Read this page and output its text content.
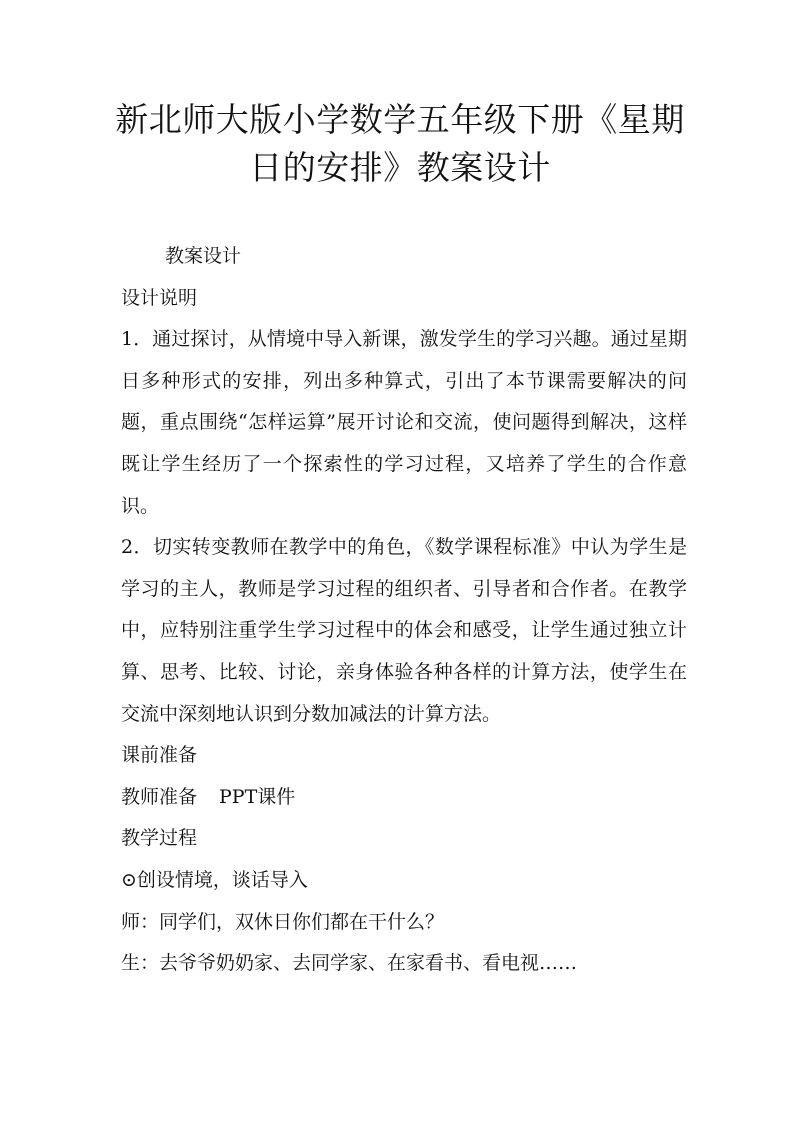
新北师大版小学数学五年级下册《星期日的安排》教案设计

教案设计

设计说明

1．通过探讨，从情境中导入新课，激发学生的学习兴趣。通过星期日多种形式的安排，列出多种算式，引出了本节课需要解决的问题，重点围绕“怎样运算”展开讨论和交流，使问题得到解决，这样既让学生经历了一个探索性的学习过程，又培养了学生的合作意识。

2．切实转变教师在教学中的角色，《数学课程标准》中认为学生是学习的主人，教师是学习过程的组织者、引导者和合作者。在教学中，应特别注重学生学习过程中的体会和感受，让学生通过独立计算、思考、比较、讨论，亲身体验各种各样的计算方法，使学生在交流中深刻地认识到分数加减法的计算方法。

课前准备

教师准备 PPT课件

教学过程

⊙创设情境，谈话导入

师：同学们，双休日你们都在干什么？

生：去爷爷奶奶家、去同学家、在家看书、看电视……
